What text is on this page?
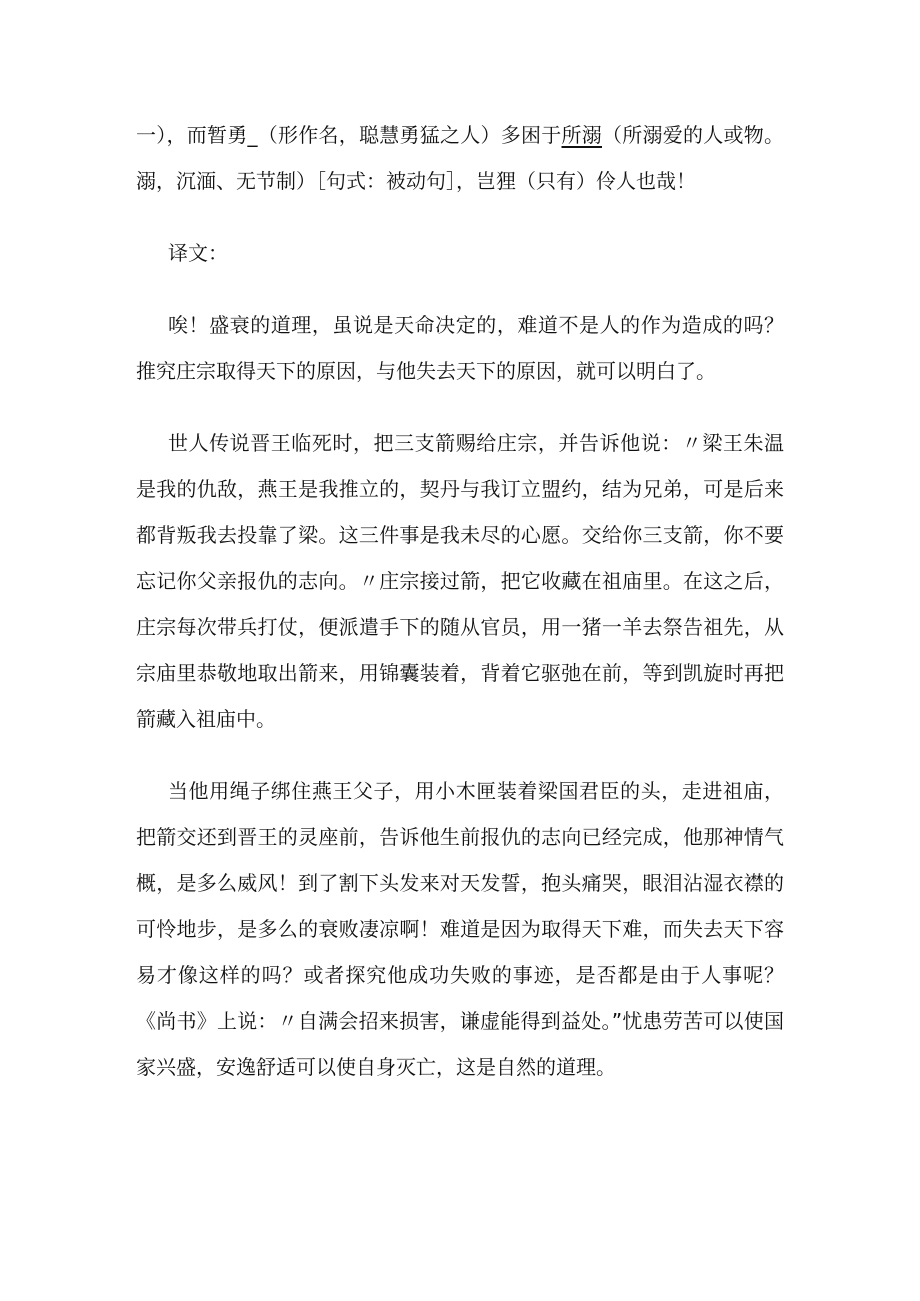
一），而暂勇_（形作名，聪慧勇猛之人）多困于所溺（所溺爱的人或物。溺，沉湎、无节制）［句式：被动句］，岂狸（只有）伶人也哉！

译文：

唉！盛衰的道理，虽说是天命决定的，难道不是人的作为造成的吗？推究庄宗取得天下的原因，与他失去天下的原因，就可以明白了。

世人传说晋王临死时，把三支箭赐给庄宗，并告诉他说：〃梁王朱温是我的仇敌，燕王是我推立的，契丹与我订立盟约，结为兄弟，可是后来都背叛我去投靠了梁。这三件事是我未尽的心愿。交给你三支箭，你不要忘记你父亲报仇的志向。〃庄宗接过箭，把它收藏在祖庙里。在这之后，庄宗每次带兵打仗，便派遣手下的随从官员，用一猪一羊去祭告祖先，从宗庙里恭敬地取出箭来，用锦囊装着，背着它驱弛在前，等到凯旋时再把箭藏入祖庙中。

当他用绳子绑住燕王父子，用小木匣装着梁国君臣的头，走进祖庙，把箭交还到晋王的灵座前，告诉他生前报仇的志向已经完成，他那神情气概，是多么威风！到了割下头发来对天发誓，抱头痛哭，眼泪沾湿衣襟的可怜地步，是多么的衰败凄凉啊！难道是因为取得天下难，而失去天下容易才像这样的吗？或者探究他成功失败的事迹，是否都是由于人事呢？《尚书》上说：〃自满会招来损害，谦虚能得到益处。”忧患劳苦可以使国家兴盛，安逸舒适可以使自身灭亡，这是自然的道理。
